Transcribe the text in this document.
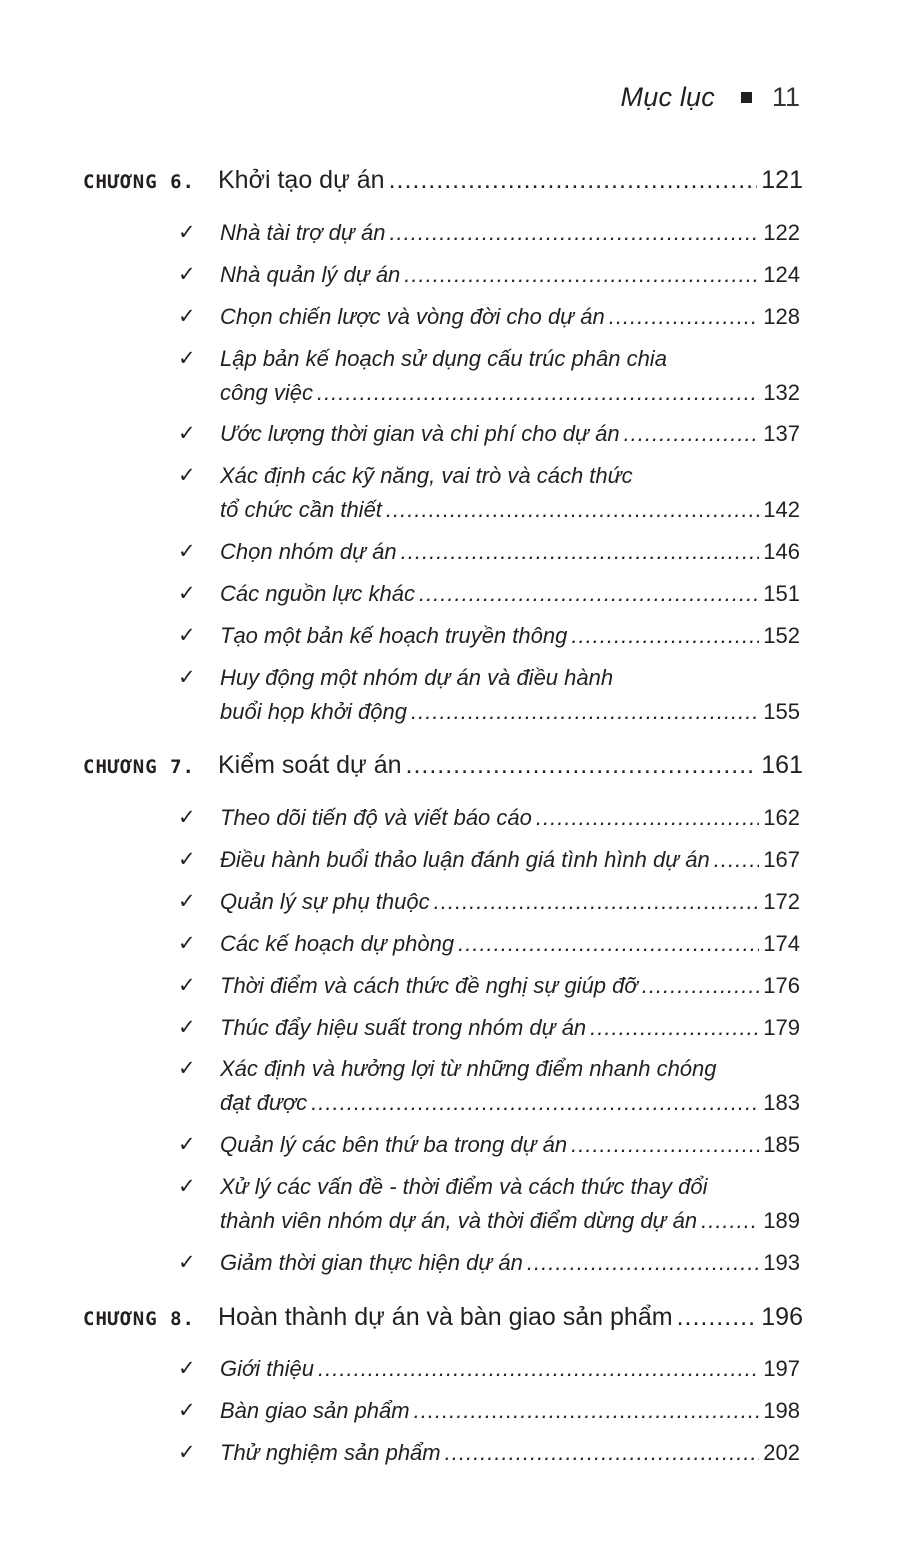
Mục lục 11
CHƯƠNG 6. Khởi tạo dự án .....	121
✓ Nhà tài trợ dự án .....	122
✓ Nhà quản lý dự án .....	124
✓ Chọn chiến lược và vòng đời cho dự án .....	128
✓ Lập bản kế hoạch sử dụng cấu trúc phân chia
công việc .....	132
✓ Ước lượng thời gian và chi phí cho dự án .....	137
✓ Xác định các kỹ năng, vai trò và cách thức
tổ chức cần thiết .....	142
✓ Chọn nhóm dự án .....	146
✓ Các nguồn lực khác .....	151
✓ Tạo một bản kế hoạch truyền thông .....	152
✓ Huy động một nhóm dự án và điều hành
buổi họp khởi động .....	155
CHƯƠNG 7. Kiểm soát dự án .....	161
✓ Theo dõi tiến độ và viết báo cáo .....	162
✓ Điều hành buổi thảo luận đánh giá tình hình dự án ..... 167
✓ Quản lý sự phụ thuộc .....	172
✓ Các kế hoạch dự phòng .....	174
✓ Thời điểm và cách thức đề nghị sự giúp đỡ .....	176
✓ Thúc đẩy hiệu suất trong nhóm dự án .....	179
✓ Xác định và hưởng lợi từ những điểm nhanh chóng
đạt được .....	183
✓ Quản lý các bên thứ ba trong dự án .....	185
✓ Xử lý các vấn đề - thời điểm và cách thức thay đổi
thành viên nhóm dự án, và thời điểm dừng dự án .....	189
✓ Giảm thời gian thực hiện dự án .....	193
CHƯƠNG 8. Hoàn thành dự án và bàn giao sản phẩm .....	196
✓ Giới thiệu .....	197
✓ Bàn giao sản phẩm .....	198
✓ Thử nghiệm sản phẩm .....	202
